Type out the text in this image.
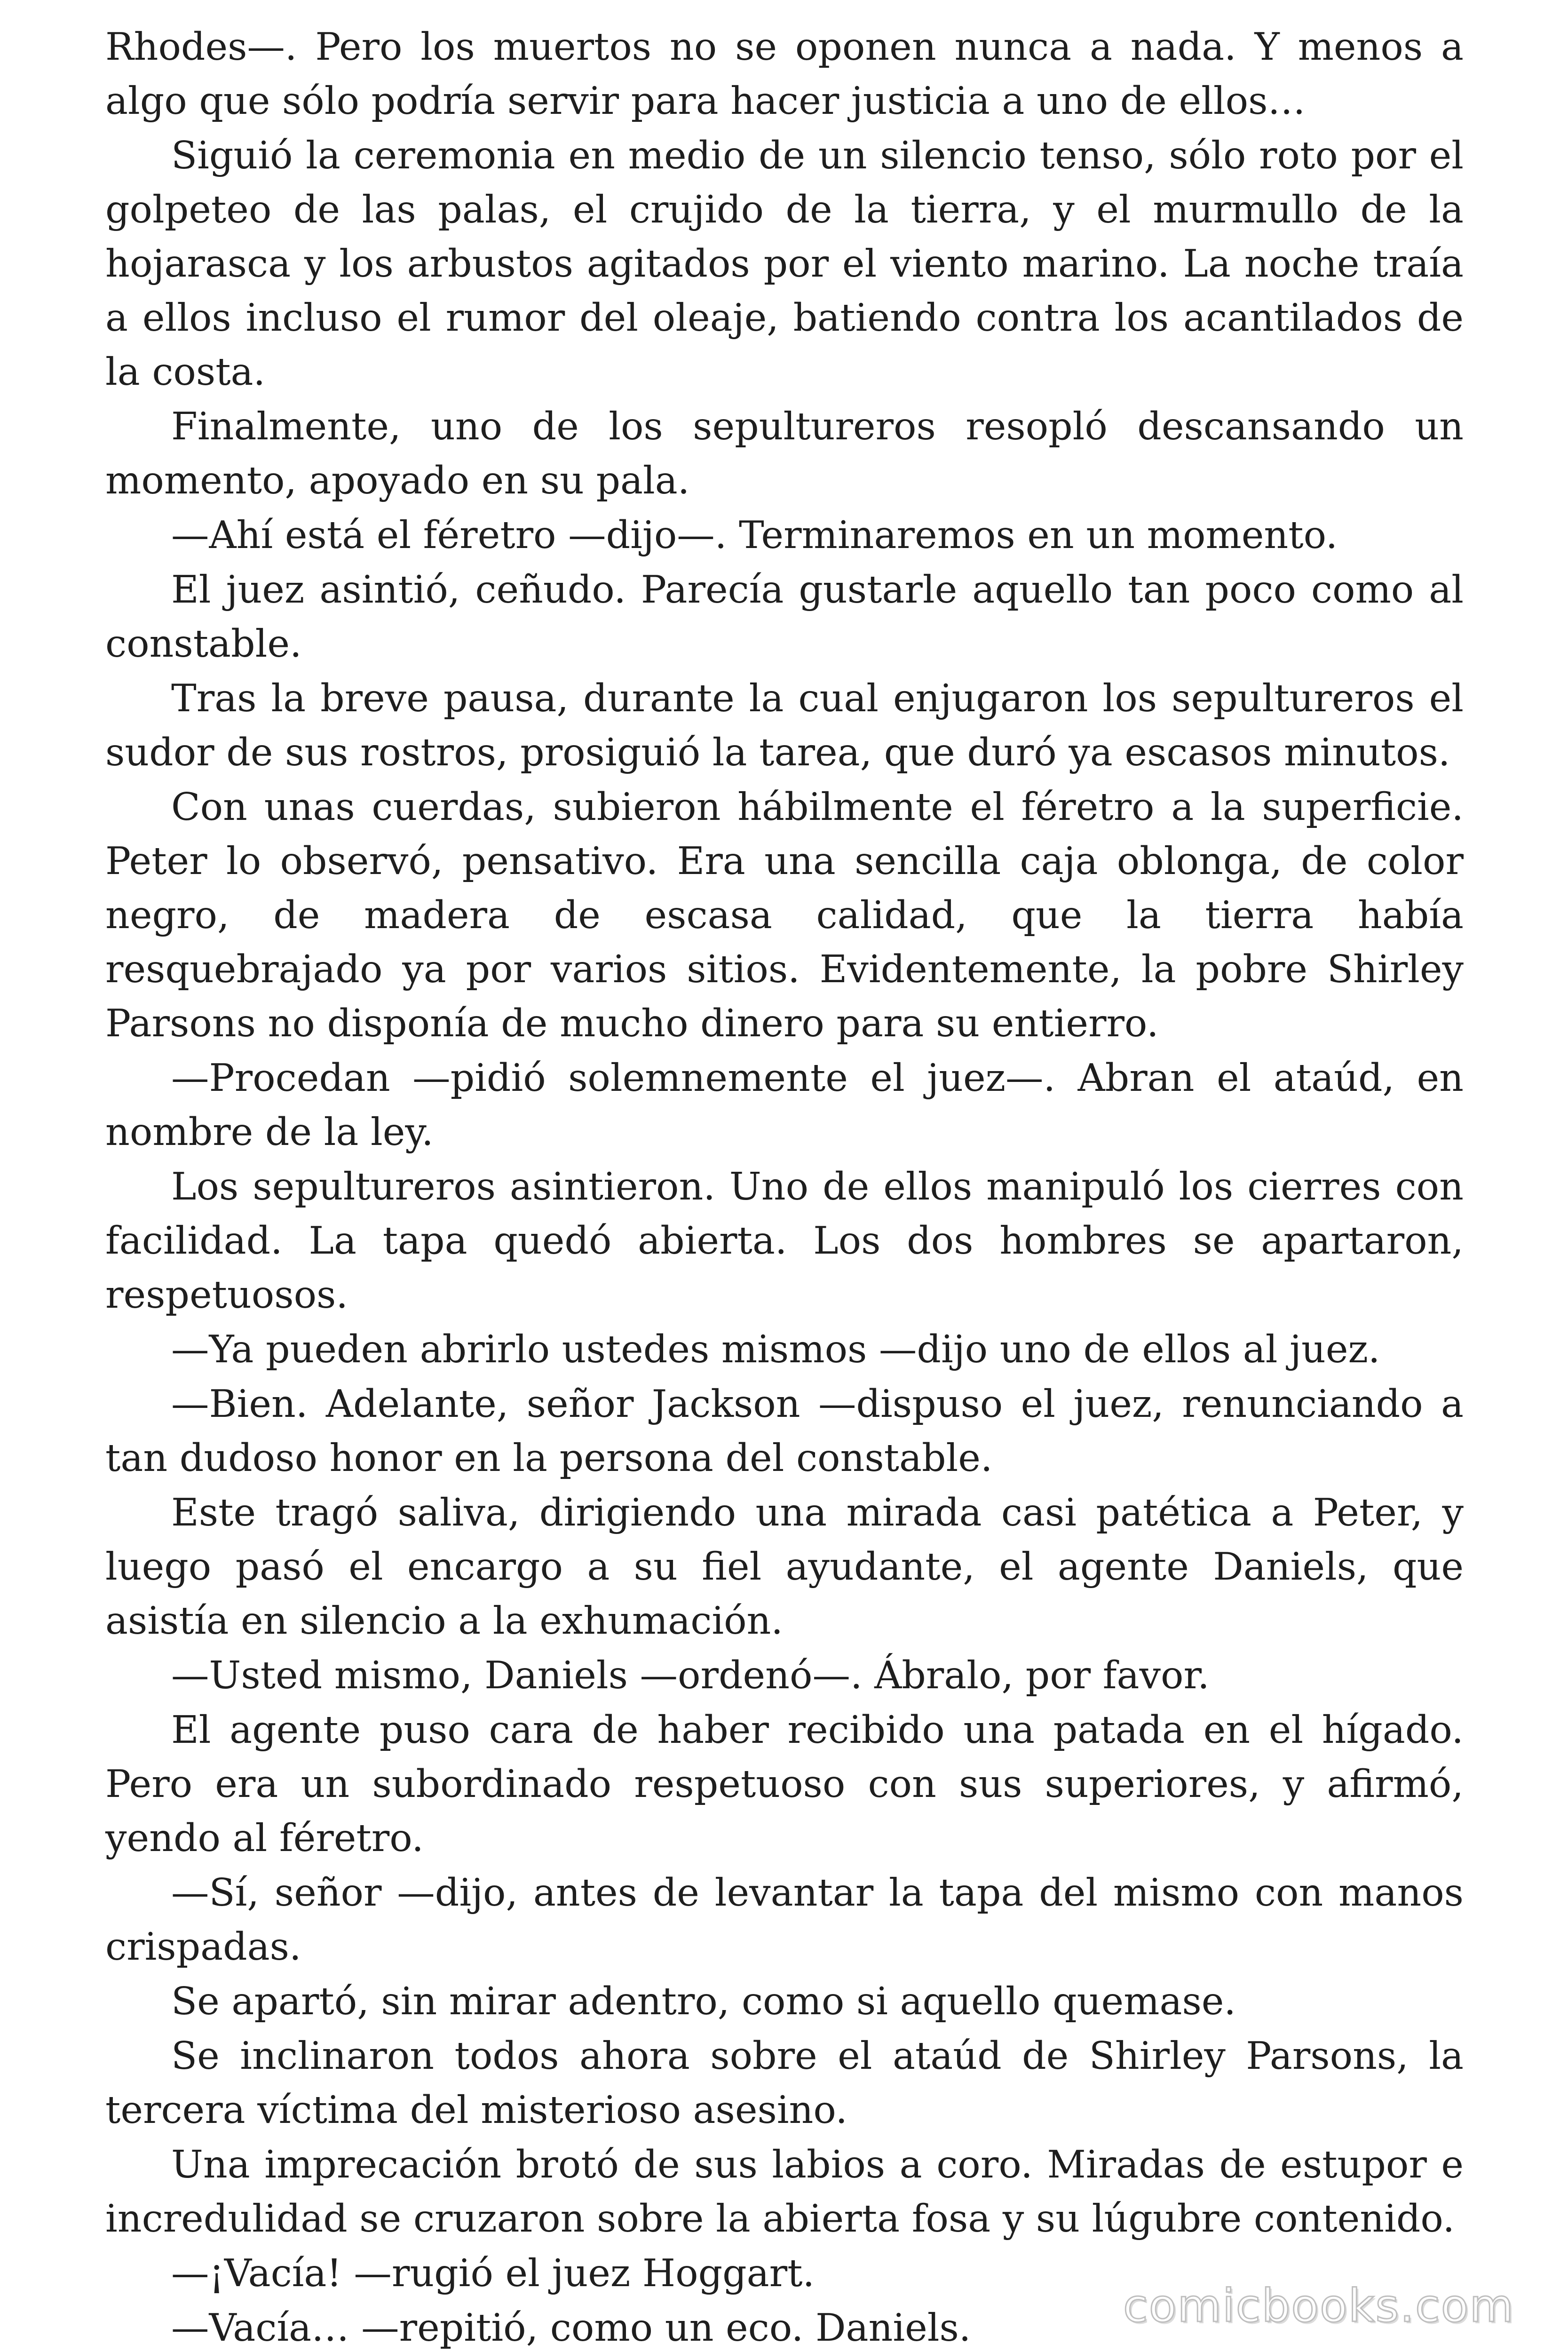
Rhodes—. Pero los muertos no se oponen nunca a nada. Y menos a algo que sólo podría servir para hacer justicia a uno de ellos…

Siguió la ceremonia en medio de un silencio tenso, sólo roto por el golpeteo de las palas, el crujido de la tierra, y el murmullo de la hojarasca y los arbustos agitados por el viento marino. La noche traía a ellos incluso el rumor del oleaje, batiendo contra los acantilados de la costa.

Finalmente, uno de los sepultureros resopló descansando un momento, apoyado en su pala.

—Ahí está el féretro —dijo—. Terminaremos en un momento.

El juez asintió, ceñudo. Parecía gustarle aquello tan poco como al constable.

Tras la breve pausa, durante la cual enjugaron los sepultureros el sudor de sus rostros, prosiguió la tarea, que duró ya escasos minutos.

Con unas cuerdas, subieron hábilmente el féretro a la superficie. Peter lo observó, pensativo. Era una sencilla caja oblonga, de color negro, de madera de escasa calidad, que la tierra había resquebrajado ya por varios sitios. Evidentemente, la pobre Shirley Parsons no disponía de mucho dinero para su entierro.

—Procedan —pidió solemnemente el juez—. Abran el ataúd, en nombre de la ley.

Los sepultureros asintieron. Uno de ellos manipuló los cierres con facilidad. La tapa quedó abierta. Los dos hombres se apartaron, respetuosos.

—Ya pueden abrirlo ustedes mismos —dijo uno de ellos al juez.

—Bien. Adelante, señor Jackson —dispuso el juez, renunciando a tan dudoso honor en la persona del constable.

Este tragó saliva, dirigiendo una mirada casi patética a Peter, y luego pasó el encargo a su fiel ayudante, el agente Daniels, que asistía en silencio a la exhumación.

—Usted mismo, Daniels —ordenó—. Ábralo, por favor.

El agente puso cara de haber recibido una patada en el hígado. Pero era un subordinado respetuoso con sus superiores, y afirmó, yendo al féretro.

—Sí, señor —dijo, antes de levantar la tapa del mismo con manos crispadas.

Se apartó, sin mirar adentro, como si aquello quemase.

Se inclinaron todos ahora sobre el ataúd de Shirley Parsons, la tercera víctima del misterioso asesino.

Una imprecación brotó de sus labios a coro. Miradas de estupor e incredulidad se cruzaron sobre la abierta fosa y su lúgubre contenido.

—¡Vacía! —rugió el juez Hoggart.

—Vacía… —repitió, como un eco. Daniels.	comicbooks.com
